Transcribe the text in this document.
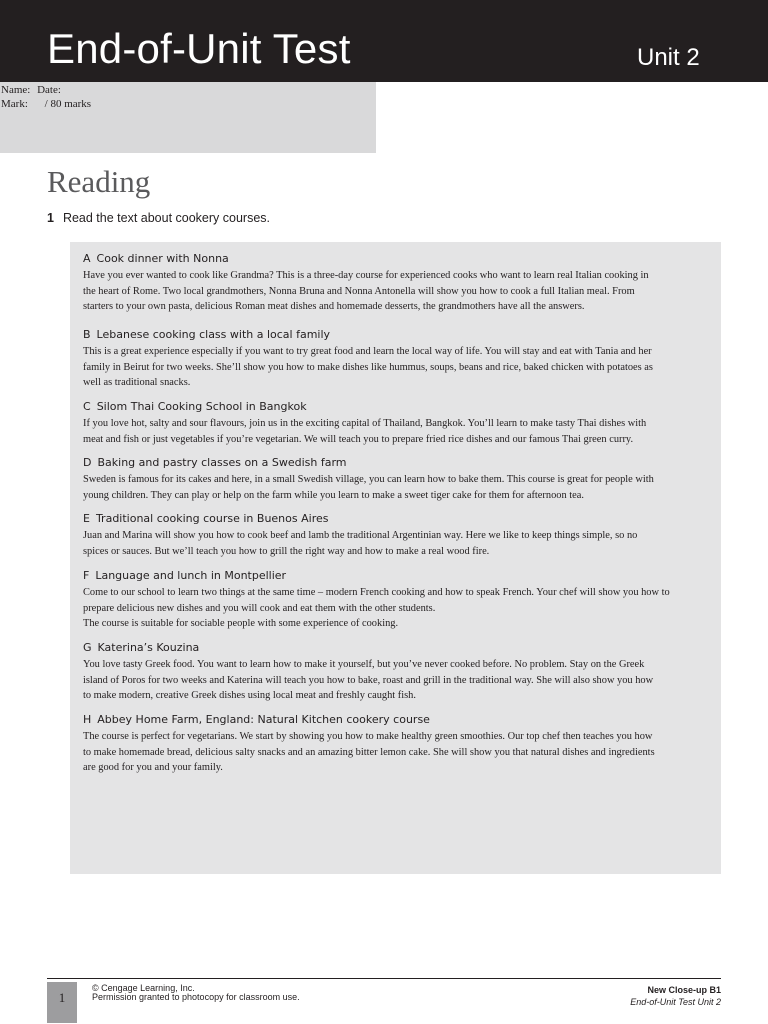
End-of-Unit Test	Unit 2
Name: Date:
Mark: / 80 marks
Reading
1 Read the text about cookery courses.
A Cook dinner with Nonna
Have you ever wanted to cook like Grandma? This is a three-day course for experienced cooks who want to learn real Italian cooking in
the heart of Rome. Two local grandmothers, Nonna Bruna and Nonna Antonella will show you how to cook a full Italian meal. From
starters to your own pasta, delicious Roman meat dishes and homemade desserts, the grandmothers have all the answers.
B Lebanese cooking class with a local family
This is a great experience especially if you want to try great food and learn the local way of life. You will stay and eat with Tania and her
family in Beirut for two weeks. She’ll show you how to make dishes like hummus, soups, beans and rice, baked chicken with potatoes as
well as traditional snacks.
C Silom Thai Cooking School in Bangkok
If you love hot, salty and sour flavours, join us in the exciting capital of Thailand, Bangkok. You’ll learn to make tasty Thai dishes with
meat and fish or just vegetables if you’re vegetarian. We will teach you to prepare fried rice dishes and our famous Thai green curry.
D Baking and pastry classes on a Swedish farm
Sweden is famous for its cakes and here, in a small Swedish village, you can learn how to bake them. This course is great for people with
young children. They can play or help on the farm while you learn to make a sweet tiger cake for them for afternoon tea.
E Traditional cooking course in Buenos Aires
Juan and Marina will show you how to cook beef and lamb the traditional Argentinian way. Here we like to keep things simple, so no
spices or sauces. But we’ll teach you how to grill the right way and how to make a real wood fire.
F Language and lunch in Montpellier
Come to our school to learn two things at the same time – modern French cooking and how to speak French. Your chef will show you how to
prepare delicious new dishes and you will cook and eat them with the other students.
The course is suitable for sociable people with some experience of cooking.
G Katerina’s Kouzina
You love tasty Greek food. You want to learn how to make it yourself, but you’ve never cooked before. No problem. Stay on the Greek
island of Poros for two weeks and Katerina will teach you how to bake, roast and grill in the traditional way. She will also show you how
to make modern, creative Greek dishes using local meat and freshly caught fish.
H Abbey Home Farm, England: Natural Kitchen cookery course
The course is perfect for vegetarians. We start by showing you how to make healthy green smoothies. Our top chef then teaches you how
to make homemade bread, delicious salty snacks and an amazing bitter lemon cake. She will show you that natural dishes and ingredients
are good for you and your family.
1
© Cengage Learning, Inc.
Permission granted to photocopy for classroom use.
New Close-up B1
End-of-Unit Test Unit 2
